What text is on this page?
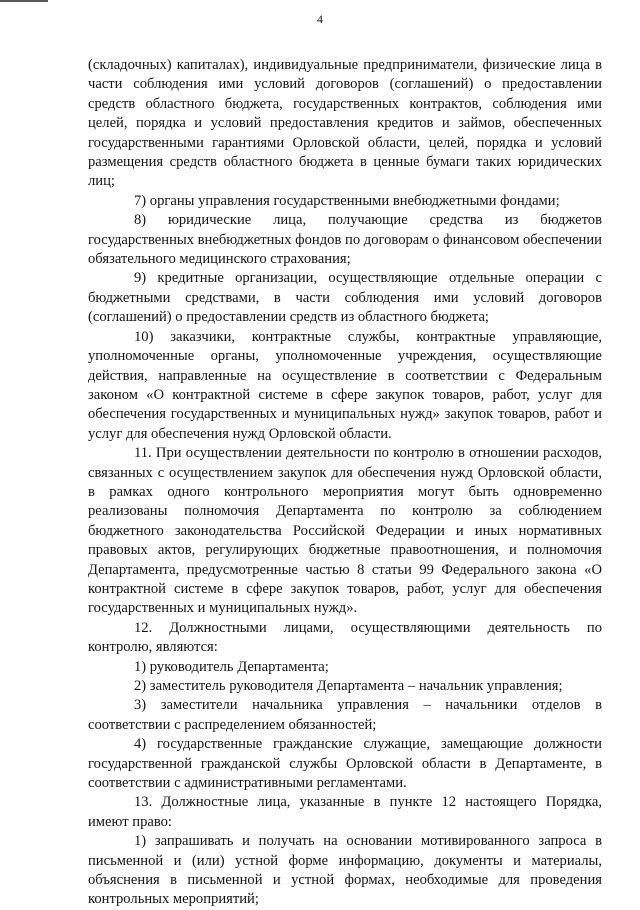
4

(складочных) капиталах), индивидуальные предприниматели, физические лица в части соблюдения ими условий договоров (соглашений) о предоставлении средств областного бюджета, государственных контрактов, соблюдения ими целей, порядка и условий предоставления кредитов и займов, обеспеченных государственными гарантиями Орловской области, целей, порядка и условий размещения средств областного бюджета в ценные бумаги таких юридических лиц;

7) органы управления государственными внебюджетными фондами;

8) юридические лица, получающие средства из бюджетов государственных внебюджетных фондов по договорам о финансовом обеспечении обязательного медицинского страхования;

9) кредитные организации, осуществляющие отдельные операции с бюджетными средствами, в части соблюдения ими условий договоров (соглашений) о предоставлении средств из областного бюджета;

10) заказчики, контрактные службы, контрактные управляющие, уполномоченные органы, уполномоченные учреждения, осуществляющие действия, направленные на осуществление в соответствии с Федеральным законом «О контрактной системе в сфере закупок товаров, работ, услуг для обеспечения государственных и муниципальных нужд» закупок товаров, работ и услуг для обеспечения нужд Орловской области.

11. При осуществлении деятельности по контролю в отношении расходов, связанных с осуществлением закупок для обеспечения нужд Орловской области, в рамках одного контрольного мероприятия могут быть одновременно реализованы полномочия Департамента по контролю за соблюдением бюджетного законодательства Российской Федерации и иных нормативных правовых актов, регулирующих бюджетные правоотношения, и полномочия Департамента, предусмотренные частью 8 статьи 99 Федерального закона «О контрактной системе в сфере закупок товаров, работ, услуг для обеспечения государственных и муниципальных нужд».

12. Должностными лицами, осуществляющими деятельность по контролю, являются:

1) руководитель Департамента;

2) заместитель руководителя Департамента – начальник управления;

3) заместители начальника управления – начальники отделов в соответствии с распределением обязанностей;

4) государственные гражданские служащие, замещающие должности государственной гражданской службы Орловской области в Департаменте, в соответствии с административными регламентами.

13. Должностные лица, указанные в пункте 12 настоящего Порядка, имеют право:

1) запрашивать и получать на основании мотивированного запроса в письменной и (или) устной форме информацию, документы и материалы, объяснения в письменной и устной формах, необходимые для проведения контрольных мероприятий;
